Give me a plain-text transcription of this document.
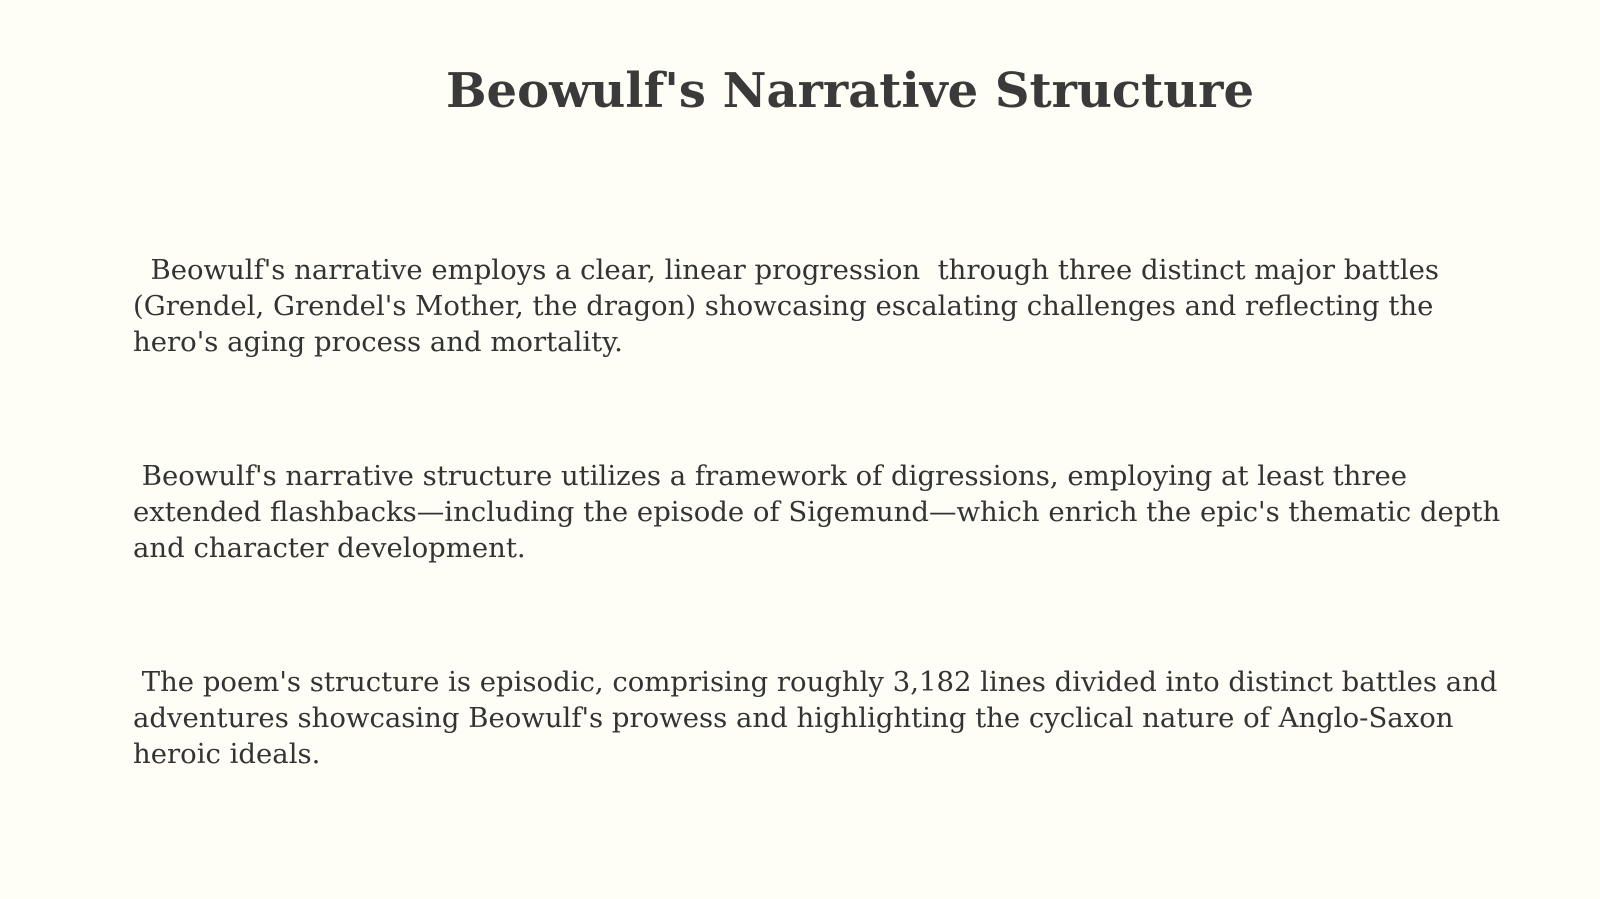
Beowulf's Narrative Structure

Beowulf's narrative employs a clear, linear progression  through three distinct major battles (Grendel, Grendel's Mother, the dragon) showcasing escalating challenges and reflecting the hero's aging process and mortality.

Beowulf's narrative structure utilizes a framework of digressions, employing at least three extended flashbacks—including the episode of Sigemund—which enrich the epic's thematic depth and character development.

The poem's structure is episodic, comprising roughly 3,182 lines divided into distinct battles and adventures showcasing Beowulf's prowess and highlighting the cyclical nature of Anglo-Saxon heroic ideals.
